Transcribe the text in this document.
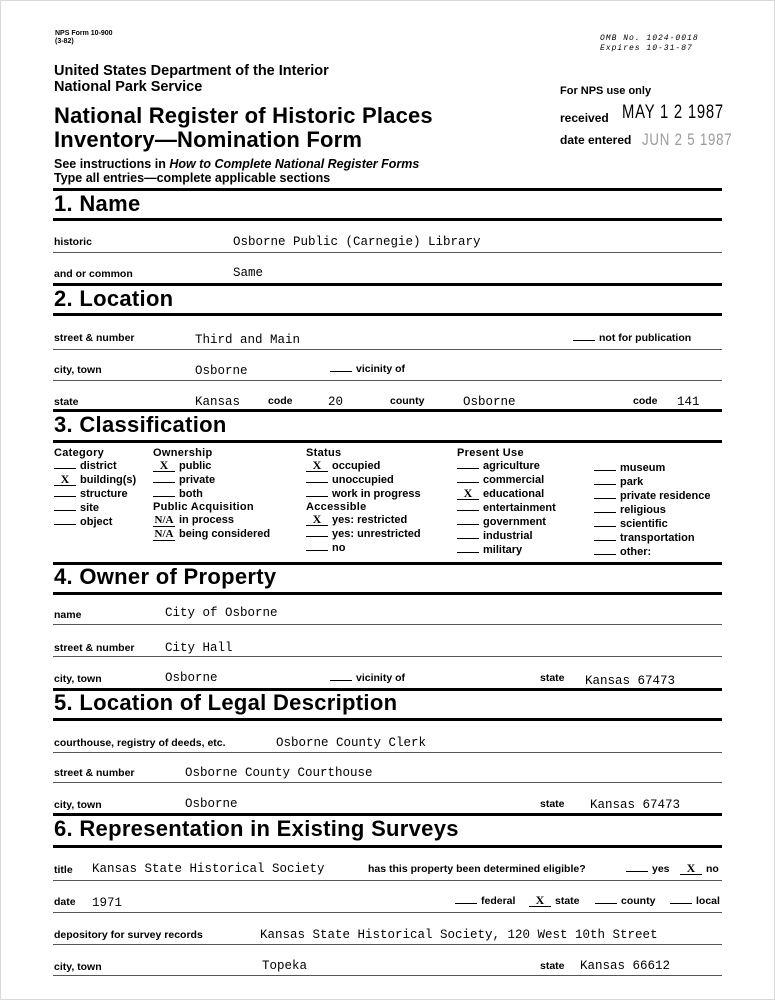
NPS Form 10-900
(3-82)	OMB No. 1024-0018
Expires 10-31-87
United States Department of the Interior
National Park Service
National Register of Historic Places
Inventory—Nomination Form
See instructions in How to Complete National Register Forms
Type all entries—complete applicable sections
For NPS use only
received MAY 1 2 1987
date entered JUN 2 5 1987
1. Name
historic	Osborne Public (Carnegie) Library
and or common	Same
2. Location
street & number	Third and Main	not for publication
city, town	Osborne	vicinity of
state	Kansas	code	20	county	Osborne	code 141
3. Classification
Category
district
X building(s)
structure
site
object
Ownership
X public
private
both
Public Acquisition
N/A in process
N/A being considered
Status
X occupied
unoccupied
work in progress
Accessible
X yes: restricted
yes: unrestricted
no
Present Use
agriculture
commercial
X educational
entertainment
government
industrial
military
museum
park
private residence
religious
scientific
transportation
other:
4. Owner of Property
name	City of Osborne
street & number City Hall
city, town	Osborne	vicinity of	state Kansas 67473
5. Location of Legal Description
courthouse, registry of deeds, etc.	Osborne County Clerk
street & number	Osborne County Courthouse
city, town	Osborne	state Kansas 67473
6. Representation in Existing Surveys
title Kansas State Historical Society	has this property been determined eligible?	yes	X no
date 1971	federal	X state	county	local
depository for survey records	Kansas State Historical Society, 120 West 10th Street
city, town	Topeka	state Kansas 66612
